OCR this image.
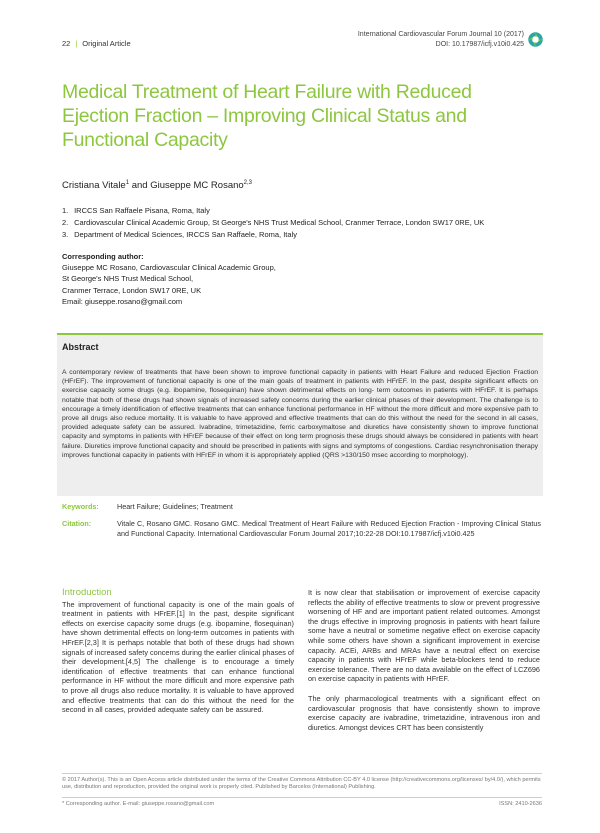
22 | Original Article
International Cardiovascular Forum Journal 10 (2017)
DOI: 10.17987/icfj.v10i0.425
Medical Treatment of Heart Failure with Reduced Ejection Fraction – Improving Clinical Status and Functional Capacity
Cristiana Vitale$^1$ and Giuseppe MC Rosano$^{2,3}$
1. IRCCS San Raffaele Pisana, Roma, Italy
2. Cardiovascular Clinical Academic Group, St George's NHS Trust Medical School, Cranmer Terrace, London SW17 0RE, UK
3. Department of Medical Sciences, IRCCS San Raffaele, Roma, Italy
Corresponding author:
Giuseppe MC Rosano, Cardiovascular Clinical Academic Group,
St George's NHS Trust Medical School,
Cranmer Terrace, London SW17 0RE, UK
Email: giuseppe.rosano@gmail.com
Abstract
A contemporary review of treatments that have been shown to improve functional capacity in patients with Heart Failure and reduced Ejection Fraction (HFrEF). The improvement of functional capacity is one of the main goals of treatment in patients with HFrEF. In the past, despite significant effects on exercise capacity some drugs (e.g. ibopamine, flosequinan) have shown detrimental effects on long- term outcomes in patients with HFrEF. It is perhaps notable that both of these drugs had shown signals of increased safety concerns during the earlier clinical phases of their development. The challenge is to encourage a timely identification of effective treatments that can enhance functional performance in HF without the more difficult and more expensive path to prove all drugs also reduce mortality. It is valuable to have approved and effective treatments that can do this without the need for the second in all cases, provided adequate safety can be assured. Ivabradine, trimetazidine, ferric carboxymaltose and diuretics have consistently shown to improve functional capacity and symptoms in patients with HFrEF because of their effect on long term prognosis these drugs should always be considered in patients with heart failure. Diuretics improve functional capacity and should be prescribed in patients with signs and symptoms of congestions. Cardiac resynchronisation therapy improves functional capacity in patients with HFrEF in whom it is appropriately applied (QRS >130/150 msec according to morphology).
Keywords:	Heart Failure; Guidelines; Treatment
Citation:	Vitale C, Rosano GMC. Rosano GMC. Medical Treatment of Heart Failure with Reduced Ejection Fraction - Improving Clinical Status and Functional Capacity. International Cardiovascular Forum Journal 2017;10:22-28 DOI:10.17987/icfj.v10i0.425
Introduction

The improvement of functional capacity is one of the main goals of treatment in patients with HFrEF.[1] In the past, despite significant effects on exercise capacity some drugs (e.g. ibopamine, flosequinan) have shown detrimental effects on long-term outcomes in patients with HFrEF.[2,3] It is perhaps notable that both of these drugs had shown signals of increased safety concerns during the earlier clinical phases of their development.[4,5] The challenge is to encourage a timely identification of effective treatments that can enhance functional performance in HF without the more difficult and more expensive path to prove all drugs also reduce mortality. It is valuable to have approved and effective treatments that can do this without the need for the second in all cases, provided adequate safety can be assured.

It is now clear that stabilisation or improvement of exercise capacity reflects the ability of effective treatments to slow or prevent progressive worsening of HF and are important patient related outcomes. Amongst the drugs effective in improving prognosis in patients with heart failure some have a neutral or sometime negative effect on exercise capacity while some others have shown a significant improvement in exercise capacity. ACEi, ARBs and MRAs have a neutral effect on exercise capacity in patients with HFrEF while beta-blockers tend to reduce exercise tolerance. There are no data available on the effect of LCZ696 on exercise capacity in patients with HFrEF.

The only pharmacological treatments with a significant effect on cardiovascular prognosis that have consistently shown to improve exercise capacity are ivabradine, trimetazidine, intravenous iron and diuretics. Amongst devices CRT has been consistently

© 2017 Author(s). This is an Open Access article distributed under the terms of the Creative Commons Attribution CC-BY 4.0 license (http://creativecommons.org/licenses/ by/4.0/), which permits use, distribution and reproduction, provided the original work is properly cited. Published by Barcelos (International) Publishing.
* Corresponding author. E-mail: giuseppe.rosano@gmail.com	ISSN: 2410-2636
